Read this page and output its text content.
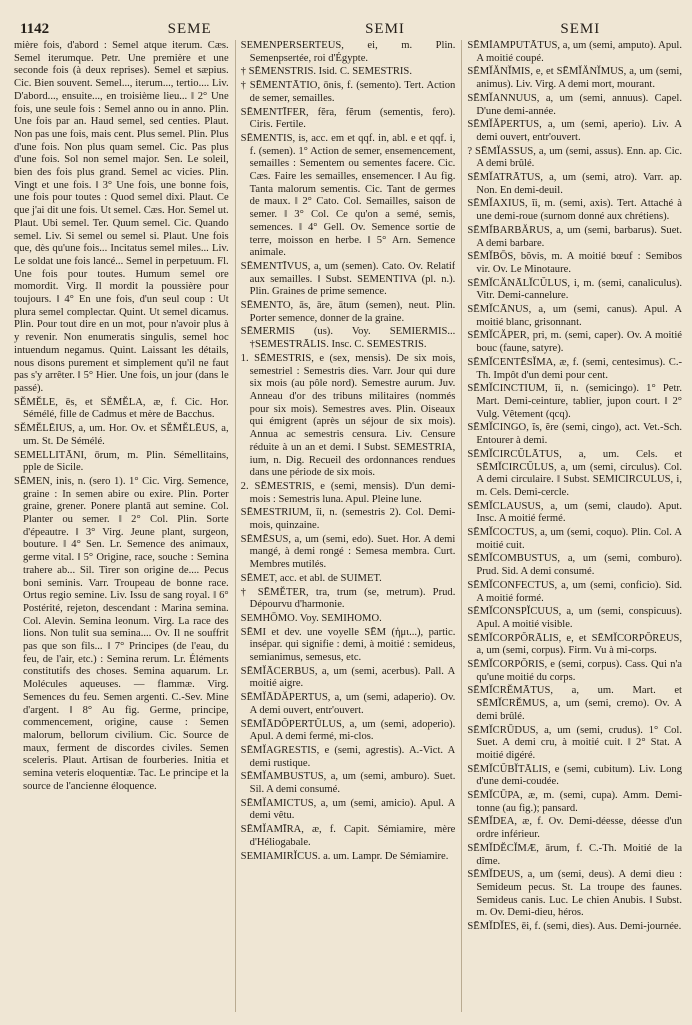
1142	SEME	SEMI	SEMI

mière fois, d'abord : Semel atque iterum. Cæs. Semel iterumque. Petr. Une première et une seconde fois (à deux reprises). Semel et sæpius. Cic. Bien souvent. Semel..., iterum..., tertio.... Liv. D'abord..., ensuite..., en troisième lieu... ‖ 2° Une fois, une seule fois : Semel anno ou in anno. Plin. Une fois par an. Haud semel, sed centies. Plaut. Non pas une fois, mais cent. Plus semel. Plin. Plus d'une fois. Non plus quam semel. Cic. Pas plus d'une fois. Sol non semel major. Sen. Le soleil, bien des fois plus grand. Semel ac vicies. Plin. Vingt et une fois. ‖ 3° Une fois, une bonne fois, une fois pour toutes : Quod semel dixi. Plaut. Ce que j'ai dit une fois. Ut semel. Cæs. Hor. Semel ut. Plaut. Ubi semel. Ter. Quum semel. Cic. Quando semel. Liv. Si semel ou semel si. Plaut. Une fois que, dès qu'une fois... Incitatus semel miles... Liv. Le soldat une fois lancé... Semel in perpetuum. Fl. Une fois pour toutes. Humum semel ore momordit. Virg. Il mordit la poussière pour toujours. ‖ 4° En une fois, d'un seul coup : Ut plura semel complectar. Quint. Ut semel dicamus. Plin. Pour tout dire en un mot, pour n'avoir plus à y revenir. Non enumeratis singulis, semel hoc intuendum negamus. Quint. Laissant les détails, nous disons purement et simplement qu'il ne faut pas s'y arrêter. ‖ 5° Hier. Une fois, un jour (dans le passé).

SĔMĔLE, ēs, et SĔMĔLA, æ, f. Cic. Hor. Sémélé, fille de Cadmus et mère de Bacchus.

SĔMĔLĒIUS, a, um. Hor. Ov. et SĔMĔLĒUS, a, um. St. De Sémélé.

SEMELLITĀNI, ōrum, m. Plin. Sémellitains, pple de Sicile.

SĒMEN, inis, n. (sero 1). 1° Cic. Virg. Semence, graine : In semen abire ou exire. Plin. Porter graine, grener. Ponere plantā aut semine. Col. Planter ou semer. ‖ 2° Col. Plin. Sorte d'épeautre. ‖ 3° Virg. Jeune plant, surgeon, bouture. ‖ 4° Sen. Lr. Semence des animaux, germe vital. ‖ 5° Origine, race, souche : Semina trahere ab... Sil. Tirer son origine de.... Pecus boni seminis. Varr. Troupeau de bonne race. Ortus regio semine. Liv. Issu de sang royal. ‖ 6° Postérité, rejeton, descendant : Marina semina. Col. Alevin. Semina leonum. Virg. La race des lions. Non tulit sua semina.... Ov. Il ne souffrit pas que son fils... ‖ 7° Principes (de l'eau, du feu, de l'air, etc.) : Semina rerum. Lr. Éléments constitutifs des choses. Semina aquarum. Lr. Molécules aqueuses. — flammæ. Virg. Semences du feu. Semen argenti. C.-Sev. Mine d'argent. ‖ 8° Au fig. Germe, principe, commencement, origine, cause : Semen malorum, bellorum civilium. Cic. Source de maux, ferment de discordes civiles. Semen sceleris. Plaut. Artisan de fourberies. Initia et semina veteris eloquentiæ. Tac. Le principe et la source de l'ancienne éloquence.

SEMENPERSERTEŬS, ei, m. Plin. Semenpsertée, roi d'Égypte.

† SĒMENSTRIS. Isid. C. SEMESTRIS.

† SĒMENTĀTIO, ōnis, f. (semento). Tert. Action de semer, semailles.

SĒMENTĪFER, fĕra, fĕrum (sementis, fero). Ciris. Fertile.

SĒMENTIS, is, acc. em et qqf. in, abl. e et qqf. i, f. (semen). 1° Action de semer, ensemencement, semailles : Sementem ou sementes facere. Cic. Cæs. Faire les semailles, ensemencer. ‖ Au fig. Tanta malorum sementis. Cic. Tant de germes de maux. ‖ 2° Cato. Col. Semailles, saison de semer. ‖ 3° Col. Ce qu'on a semé, semis, semences. ‖ 4° Gell. Ov. Semence sortie de terre, moisson en herbe. ‖ 5° Arn. Semence animale.

SĒMENTĪVUS, a, um (semen). Cato. Ov. Relatif aux semailles. ‖ Subst. SEMENTIVA (pl. n.). Plin. Graines de prime semence.

SĒMENTO, ās, āre, ātum (semen), neut. Plin. Porter semence, donner de la graine.

SĒMERMIS (us). Voy. SEMIERMIS... †SEMESTRĀLIS. Insc. C. SEMESTRIS.

1. SĒMESTRIS, e (sex, mensis). De six mois, semestriel : Semestris dies. Varr. Jour qui dure six mois (au pôle nord). Semestre aurum. Juv. Anneau d'or des tribuns militaires (nommés pour six mois). Semestres aves. Plin. Oiseaux qui émigrent (après un séjour de six mois). Annua ac semestris censura. Liv. Censure réduite à un an et demi. ‖ Subst. SEMESTRIA, ium, n. Dig. Recueil des ordonnances rendues dans une période de six mois.

2. SĒMESTRIS, e (semi, mensis). D'un demi-mois : Semestris luna. Apul. Pleine lune.

SĒMESTRIUM, ĭi, n. (semestris 2). Col. Demi-mois, quinzaine.

SĒMĒSUS, a, um (semi, edo). Suet. Hor. A demi mangé, à demi rongé : Semesa membra. Curt. Membres mutilés.

SĒMET, acc. et abl. de SUIMET.

† SĒMĔTER, tra, trum (se, metrum). Prud. Dépourvu d'harmonie.

SEMHŌMO. Voy. SEMIHOMO.

SĒMI et dev. une voyelle SĒM (ἡμι...), partic. insépar. qui signifie : demi, à moitié : semideus, semianimus, semesus, etc.

SĒMĬĀCERBUS, a, um (semi, acerbus). Pall. A moitié aigre.

SĒMĬĀDĂPERTUS, a, um (semi, adaperio). Ov. A demi ouvert, entr'ouvert.

SĒMĬĀDŎPERTŬLUS, a, um (semi, adoperio). Apul. A demi fermé, mi-clos.

SĒMĬAGRESTIS, e (semi, agrestis). A.-Vict. A demi rustique.

SĒMĬAMBUSTUS, a, um (semi, amburo). Suet. Sil. A demi consumé.

SĒMĬAMICTUS, a, um (semi, amicio). Apul. A demi vêtu.

SĒMĬAMĪRA, æ, f. Capit. Sémiamire, mère d'Héliogabale.

SEMIAMIRĬCUS. a. um. Lampr. De Sémiamire.

SĒMĬAMPŬTĀTUS, a, um (semi, amputo). Apul. A moitié coupé.

SĒMĬĂNĬMIS, e, et SĒMĬĂNĬMUS, a, um (semi, animus). Liv. Virg. A demi mort, mourant.

SĒMĬANNUUS, a, um (semi, annuus). Capel. D'une demi-année.

SĒMĬĂPERTUS, a, um (semi, aperio). Liv. A demi ouvert, entr'ouvert.

? SĒMĬASSUS, a, um (semi, assus). Enn. ap. Cic. A demi brûlé.

SĒMĬATRĀTUS, a, um (semi, atro). Varr. ap. Non. En demi-deuil.

SĒMĬAXIUS, ĭi, m. (semi, axis). Tert. Attaché à une demi-roue (surnom donné aux chrétiens).

SĒMĬBARBĂRUS, a, um (semi, barbarus). Suet. A demi barbare.

SĒMĬBŌS, bŏvis, m. A moitié bœuf : Semibos vir. Ov. Le Minotaure.

SĒMĬCĂNĀLĬCŬLUS, i, m. (semi, canaliculus). Vitr. Demi-cannelure.

SĒMĬCĀNUS, a, um (semi, canus). Apul. A moitié blanc, grisonnant.

SĒMĬCĂPER, pri, m. (semi, caper). Ov. A moitié bouc (faune, satyre).

SĒMĬCENTĒSĬMA, æ, f. (semi, centesimus). C.-Th. Impôt d'un demi pour cent.

SĒMĬCINCTIUM, ĭi, n. (semicingo). 1° Petr. Mart. Demi-ceinture, tablier, jupon court. ‖ 2° Vulg. Vêtement (qcq).

SĒMĬCINGO, ĭs, ĕre (semi, cingo), act. Vet.-Sch. Entourer à demi.

SĒMĬCIRCŬLĀTUS, a, um. Cels. et SĒMĬCIRCŬLUS, a, um (semi, circulus). Col. A demi circulaire. ‖ Subst. SEMICIRCULUS, i, m. Cels. Demi-cercle.

SĒMĬCLAUSUS, a, um (semi, claudo). Aput. Insc. A moitié fermé.

SĒMĬCOCTUS, a, um (semi, coquo). Plin. Col. A moitié cuit.

SĒMĬCOMBUSTUS, a, um (semi, comburo). Prud. Sid. A demi consumé.

SĒMĬCONFECTUS, a, um (semi, conficio). Sid. A moitié formé.

SĒMĬCONSPĬCUUS, a, um (semi, conspicuus). Apul. A moitié visible.

SĒMĬCORPŎRĀLIS, e, et SĒMĬCORPŎREUS, a, um (semi, corpus). Firm. Vu à mi-corps.

SĒMĬCORPŎRIS, e (semi, corpus). Cass. Qui n'a qu'une moitié du corps.

SĒMĬCRĔMĀTUS, a, um. Mart. et SĒMĬCRĔMUS, a, um (semi, cremo). Ov. A demi brûlé.

SĒMĬCRŪDUS, a, um (semi, crudus). 1° Col. Suet. A demi cru, à moitié cuit. ‖ 2° Stat. A moitié digéré.

SĒMĬCŬBĬTĀLIS, e (semi, cubitum). Liv. Long d'une demi-coudée.

SĒMĬCŪPA, æ, m. (semi, cupa). Amm. Demi-tonne (au fig.); pansard.

SĒMĬDEA, æ, f. Ov. Demi-déesse, déesse d'un ordre inférieur.

SĒMĬDĔCĬMÆ, ārum, f. C.-Th. Moitié de la dîme.

SĒMĬDEUS, a, um (semi, deus). A demi dieu : Semideum pecus. St. La troupe des faunes. Semideus canis. Luc. Le chien Anubis. ‖ Subst. m. Ov. Demi-dieu, héros.

SĒMĬDĬES, ēi, f. (semi, dies). Aus. Demi-journée.
